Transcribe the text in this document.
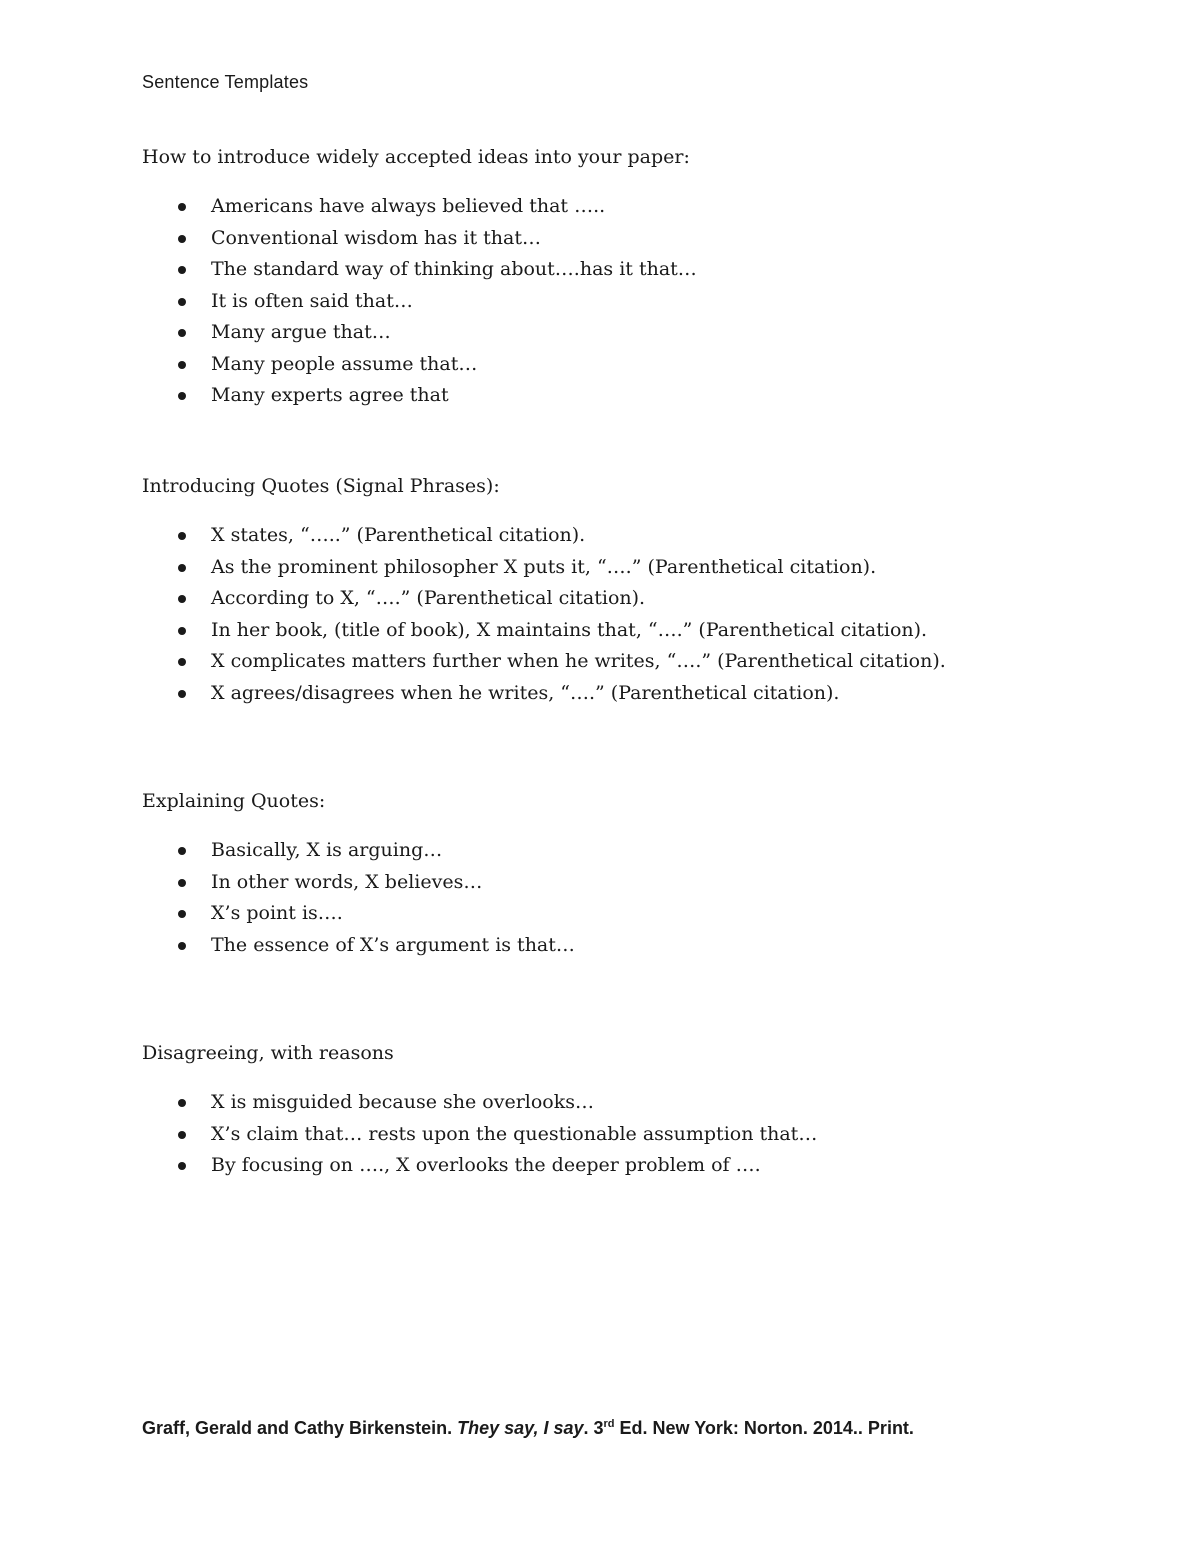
Sentence Templates
How to introduce widely accepted ideas into your paper:
Americans have always believed that …..
Conventional wisdom has it that…
The standard way of thinking about….has it that…
It is often said that…
Many argue that…
Many people assume that…
Many experts agree that
Introducing Quotes (Signal Phrases):
X states, “…..” (Parenthetical citation).
As the prominent philosopher X puts it, “….” (Parenthetical citation).
According to X, “….” (Parenthetical citation).
In her book, (title of book), X maintains that, “….” (Parenthetical citation).
X complicates matters further when he writes, “….” (Parenthetical citation).
X agrees/disagrees when he writes, “….” (Parenthetical citation).
Explaining Quotes:
Basically, X is arguing…
In other words, X believes…
X’s point is….
The essence of X’s argument is that…
Disagreeing, with reasons
X is misguided because she overlooks…
X’s claim that… rests upon the questionable assumption that…
By focusing on …., X overlooks the deeper problem of ….
Graff, Gerald and Cathy Birkenstein. They say, I say. 3rd Ed. New York: Norton. 2014.. Print.
